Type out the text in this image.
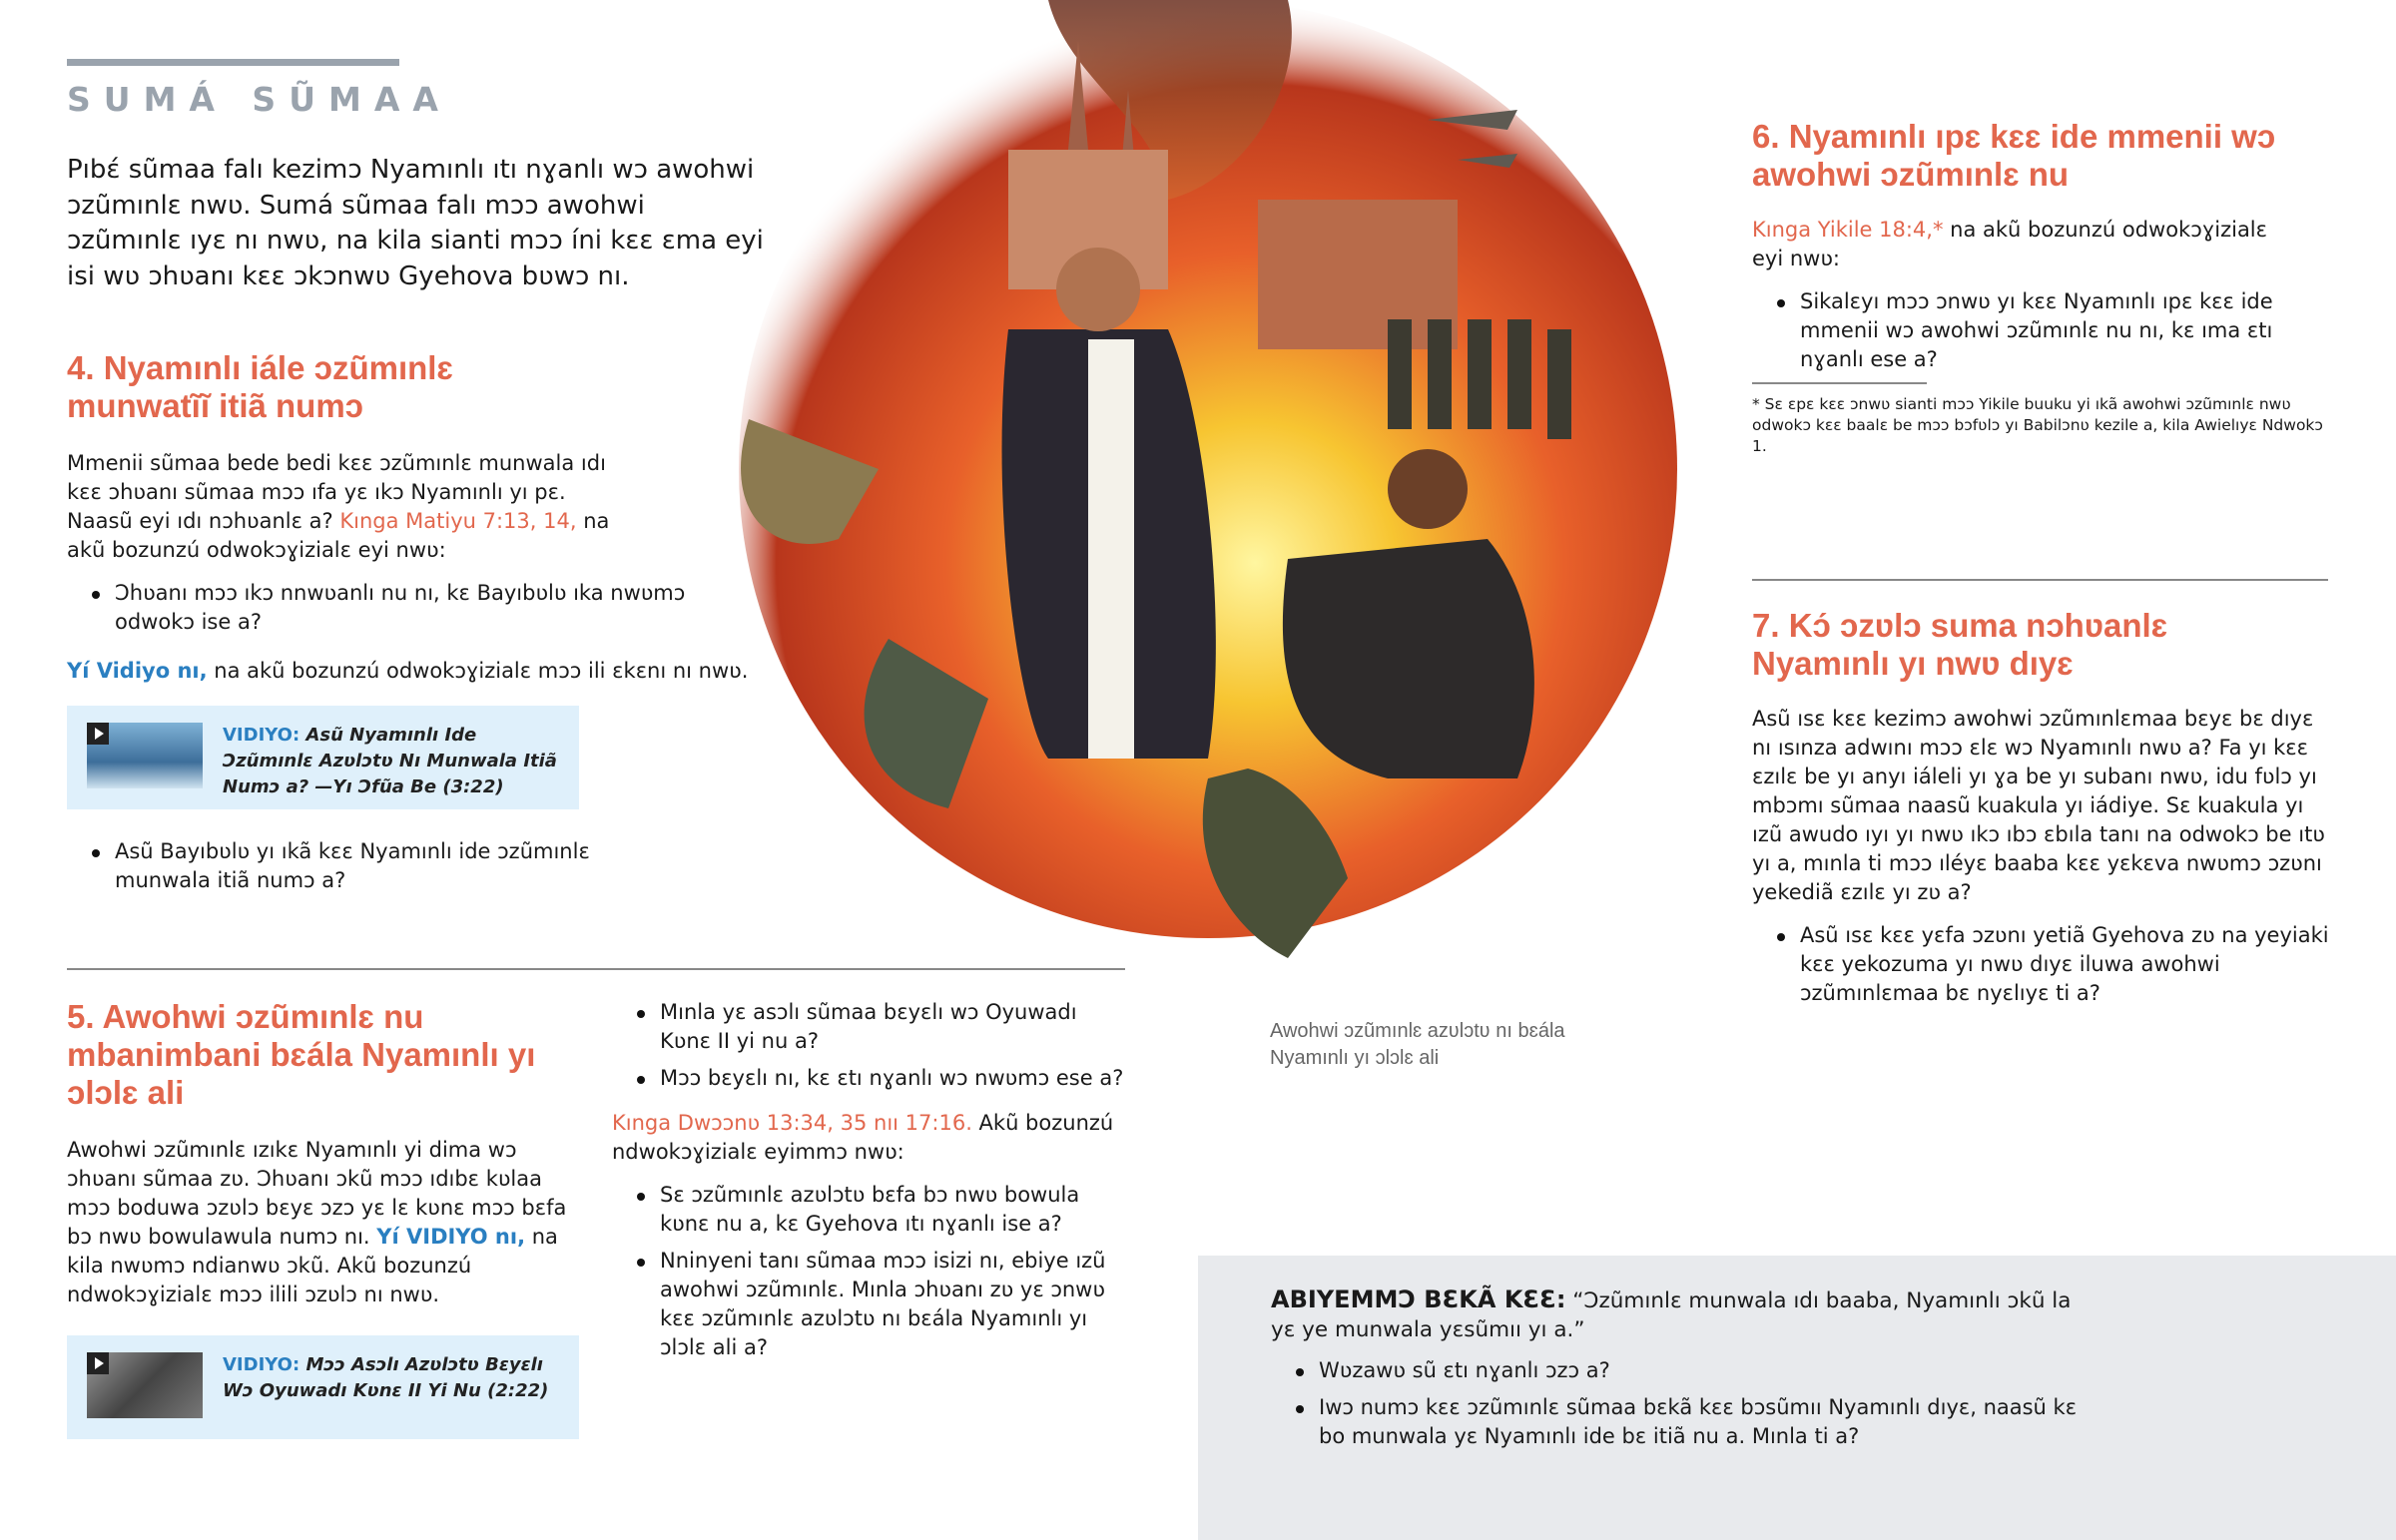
SUMÁ SŨMAA

Pıbɛ́ sũmaa falı kezimɔ Nyamınlı ıtı nɣanlı wɔ awohwi ɔzũmınlɛ nwʋ. Sumá sũmaa falı mɔɔ awohwi ɔzũmınlɛ ıyɛ nı nwʋ, na kila sianti mɔɔ íni kɛɛ ɛma eyi isi wʋ ɔhʋanı kɛɛ ɔkɔnwʋ Gyehova bʋwɔ nı.

4. Nyamınlı iále ɔzũmınlɛ munwatĩĩ itiã numɔ

Mmenii sũmaa bede bedi kɛɛ ɔzũmınlɛ munwala ıdı kɛɛ ɔhʋanı sũmaa mɔɔ ıfa yɛ ıkɔ Nyamınlı yı pɛ. Naasũ eyi ıdı nɔhʋanlɛ a? Kınga Matiyu 7:13, 14, na akũ bozunzú odwokɔɣizialɛ eyi nwʋ:

Ɔhʋanı mɔɔ ıkɔ nnwʋanlı nu nı, kɛ Bayıbʋlʋ ıka nwʋmɔ odwokɔ ise a?

Yí Vidiyo nı, na akũ bozunzú odwokɔɣizialɛ mɔɔ ili ɛkɛnı nı nwʋ.

VIDIYO: Asũ Nyamınlı Ide Ɔzũmınlɛ Azʋlɔtʋ Nı Munwala Itiã Numɔ a? —Yı Ɔfũa Be (3:22)
Asũ Bayıbʋlʋ yı ıkã kɛɛ Nyamınlı ide ɔzũmınlɛ munwala itiã numɔ a?
5. Awohwi ɔzũmınlɛ nu mbanimbani bɛála Nyamınlı yı ɔlɔlɛ ali

Awohwi ɔzũmınlɛ ızıkɛ Nyamınlı yi dima wɔ ɔhʋanı sũmaa zʋ. Ɔhʋanı ɔkũ mɔɔ ıdıbɛ kʋlaa mɔɔ boduwa ɔzʋlɔ bɛyɛ ɔzɔ yɛ lɛ kʋnɛ mɔɔ bɛfa bɔ nwʋ bowulawula numɔ nı. Yí VIDIYO nı, na kila nwʋmɔ ndianwʋ ɔkũ. Akũ bozunzú ndwokɔɣizialɛ mɔɔ ilili ɔzʋlɔ nı nwʋ.

VIDIYO: Mɔɔ Asɔlı Azʋlɔtʋ Bɛyɛlı Wɔ Oyuwadı Kʋnɛ II Yi Nu (2:22)
Mınla yɛ asɔlı sũmaa bɛyɛlı wɔ Oyuwadı Kʋnɛ II yi nu a?
Mɔɔ bɛyɛlı nı, kɛ ɛtı nɣanlı wɔ nwʋmɔ ese a?

Kınga Dwɔɔnʋ 13:34, 35 nıı 17:16. Akũ bozunzú ndwokɔɣizialɛ eyimmɔ nwʋ:

Sɛ ɔzũmınlɛ azʋlɔtʋ bɛfa bɔ nwʋ bowula kʋnɛ nu a, kɛ Gyehova ıtı nɣanlı ise a?
Nninyeni tanı sũmaa mɔɔ isizi nı, ebiye ızũ awohwi ɔzũmınlɛ. Mınla ɔhʋanı zʋ yɛ ɔnwʋ kɛɛ ɔzũmınlɛ azʋlɔtʋ nı bɛála Nyamınlı yı ɔlɔlɛ ali a?
Awohwi ɔzũmınlɛ azʋlɔtʋ nı bɛála Nyamınlı yı ɔlɔlɛ ali
6. Nyamınlı ıpɛ kɛɛ ide mmenii wɔ awohwi ɔzũmınlɛ nu

Kınga Yikile 18:4,* na akũ bozunzú odwokɔɣizialɛ eyi nwʋ:

Sikalɛyı mɔɔ ɔnwʋ yı kɛɛ Nyamınlı ıpɛ kɛɛ ide mmenii wɔ awohwi ɔzũmınlɛ nu nı, kɛ ıma ɛtı nɣanlı ese a?

* Sɛ ɛpɛ kɛɛ ɔnwʋ sianti mɔɔ Yikile buuku yi ıkã awohwi ɔzũmınlɛ nwʋ odwokɔ kɛɛ baalɛ be mɔɔ bɔfʋlɔ yı Babilɔnʋ kezile a, kila Awielıyɛ Ndwokɔ 1.

7. Kɔ́ ɔzʋlɔ suma nɔhʋanlɛ Nyamınlı yı nwʋ dıyɛ

Asũ ısɛ kɛɛ kezimɔ awohwi ɔzũmınlɛmaa bɛyɛ bɛ dıyɛ nı ısınza adwını mɔɔ ɛlɛ wɔ Nyamınlı nwʋ a? Fa yı kɛɛ ɛzılɛ be yı anyı iáleli yı ɣa be yı subanı nwʋ, idu fʋlɔ yı mbɔmı sũmaa naasũ kuakula yı iádiye. Sɛ kuakula yı ızũ awudo ıyı yı nwʋ ıkɔ ıbɔ ɛbıla tanı na odwokɔ be ıtʋ yı a, mınla ti mɔɔ ıléyɛ baaba kɛɛ yɛkɛva nwʋmɔ ɔzʋnı yekediã ɛzılɛ yı zʋ a?

Asũ ısɛ kɛɛ yɛfa ɔzʋnı yetiã Gyehova zʋ na yeyiaki kɛɛ yekozuma yı nwʋ dıyɛ iluwa awohwi ɔzũmınlɛmaa bɛ nyɛlıyɛ ti a?

ABIYEMMƆ BƐKÃ KƐƐ: “Ɔzũmınlɛ munwala ıdı baaba, Nyamınlı ɔkũ la yɛ ye munwala yɛsũmıı yı a.”

Wʋzawʋ sũ ɛtı nɣanlı ɔzɔ a?
Iwɔ numɔ kɛɛ ɔzũmınlɛ sũmaa bɛkã kɛɛ bɔsũmıı Nyamınlı dıyɛ, naasũ kɛ bo munwala yɛ Nyamınlı ide bɛ itiã nu a. Mınla ti a?
